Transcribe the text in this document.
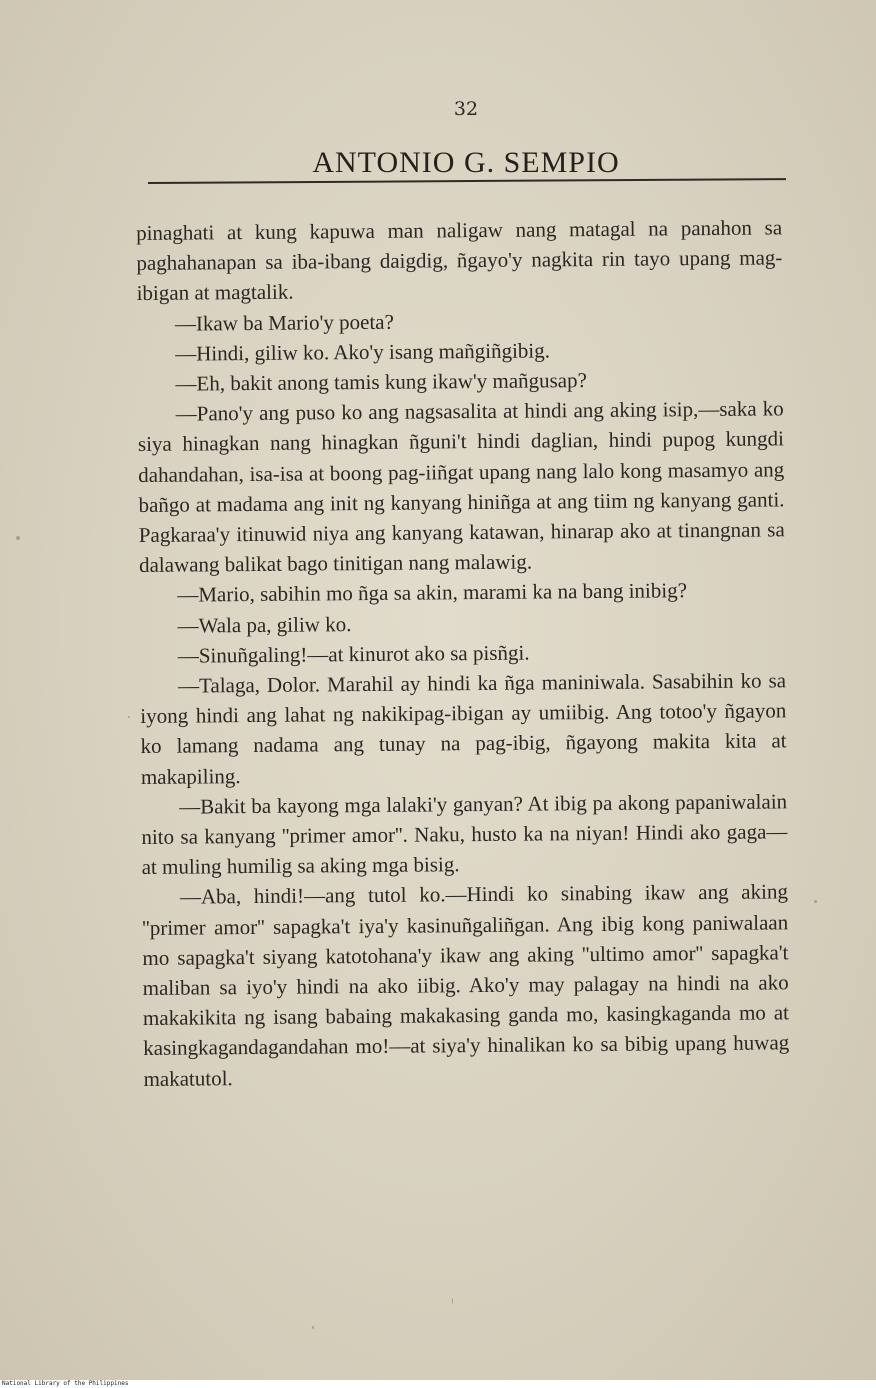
32
ANTONIO G. SEMPIO

pinaghati at kung kapuwa man naligaw nang matagal na panahon sa paghahanapan sa iba-ibang daigdig, ñgayo'y nagkita rin tayo upang mag-ibigan at magtalik.

—Ikaw ba Mario'y poeta?

—Hindi, giliw ko. Ako'y isang mañgiñgibig.

—Eh, bakit anong tamis kung ikaw'y mañgusap?

—Pano'y ang puso ko ang nagsasalita at hindi ang aking isip,—saka ko siya hinagkan nang hinagkan ñguni't hindi daglian, hindi pupog kungdi dahandahan, isa-isa at boong pag-iiñgat upang nang lalo kong masamyo ang bañgo at madama ang init ng kanyang hiniñga at ang tiim ng kanyang ganti. Pagkaraa'y itinuwid niya ang kanyang katawan, hinarap ako at tinangnan sa dalawang balikat bago tinitigan nang malawig.

—Mario, sabihin mo ñga sa akin, marami ka na bang inibig?

—Wala pa, giliw ko.

—Sinuñgaling!—at kinurot ako sa pisñgi.

—Talaga, Dolor. Marahil ay hindi ka ñga maniniwala. Sasabihin ko sa iyong hindi ang lahat ng nakikipag-ibigan ay umiibig. Ang totoo'y ñgayon ko lamang nadama ang tunay na pag-ibig, ñgayong makita kita at makapiling.

—Bakit ba kayong mga lalaki'y ganyan? At ibig pa akong papaniwalain nito sa kanyang ''primer amor''. Naku, husto ka na niyan! Hindi ako gaga—at muling humilig sa aking mga bisig.

—Aba, hindi!—ang tutol ko.—Hindi ko sinabing ikaw ang aking ''primer amor'' sapagka't iya'y kasinuñgaliñgan. Ang ibig kong paniwalaan mo sapagka't siyang katotohana'y ikaw ang aking ''ultimo amor'' sapagka't maliban sa iyo'y hindi na ako iibig. Ako'y may palagay na hindi na ako makakikita ng isang babaing makakasing ganda mo, kasingkaganda mo at kasingkagandagandahan mo!—at siya'y hinalikan ko sa bibig upang huwag makatutol.

National Library of the Philippines
